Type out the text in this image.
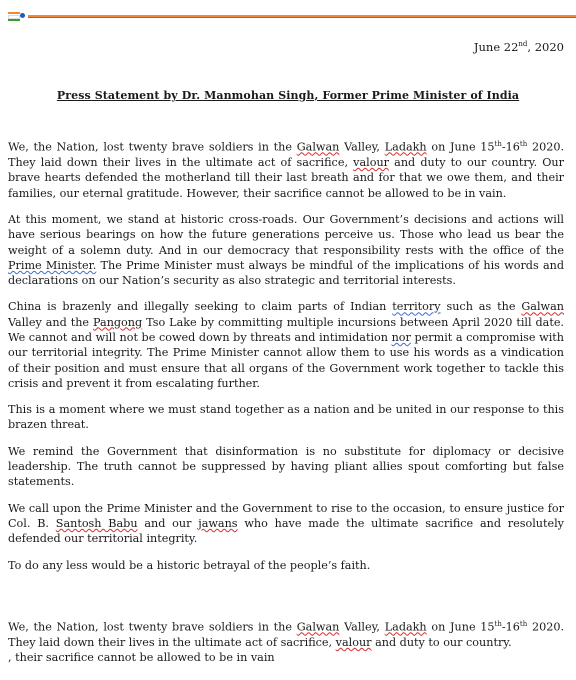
June 22nd, 2020
Press Statement by Dr. Manmohan Singh, Former Prime Minister of India

We, the Nation, lost twenty brave soldiers in the Galwan Valley, Ladakh on June 15th-16th 2020. They laid down their lives in the ultimate act of sacrifice, valour and duty to our country. Our brave hearts defended the motherland till their last breath and for that we owe them, and their families, our eternal gratitude. However, their sacrifice cannot be allowed to be in vain.

At this moment, we stand at historic cross-roads. Our Government’s decisions and actions will have serious bearings on how the future generations perceive us. Those who lead us bear the weight of a solemn duty. And in our democracy that responsibility rests with the office of the Prime Minister. The Prime Minister must always be mindful of the implications of his words and declarations on our Nation’s security as also strategic and territorial interests.

China is brazenly and illegally seeking to claim parts of Indian territory such as the Galwan Valley and the Pangong Tso Lake by committing multiple incursions between April 2020 till date. We cannot and will not be cowed down by threats and intimidation nor permit a compromise with our territorial integrity. The Prime Minister cannot allow them to use his words as a vindication of their position and must ensure that all organs of the Government work together to tackle this crisis and prevent it from escalating further.

This is a moment where we must stand together as a nation and be united in our response to this brazen threat.

We remind the Government that disinformation is no substitute for diplomacy or decisive leadership. The truth cannot be suppressed by having pliant allies spout comforting but false statements.

We call upon the Prime Minister and the Government to rise to the occasion, to ensure justice for Col. B. Santosh Babu and our jawans who have made the ultimate sacrifice and resolutely defended our territorial integrity.

To do any less would be a historic betrayal of the people’s faith.

We, the Nation, lost twenty brave soldiers in the Galwan Valley, Ladakh on June 15th-16th 2020. They laid down their lives in the ultimate act of sacrifice, valour and duty to our country.
, their sacrifice cannot be allowed to be in vain
